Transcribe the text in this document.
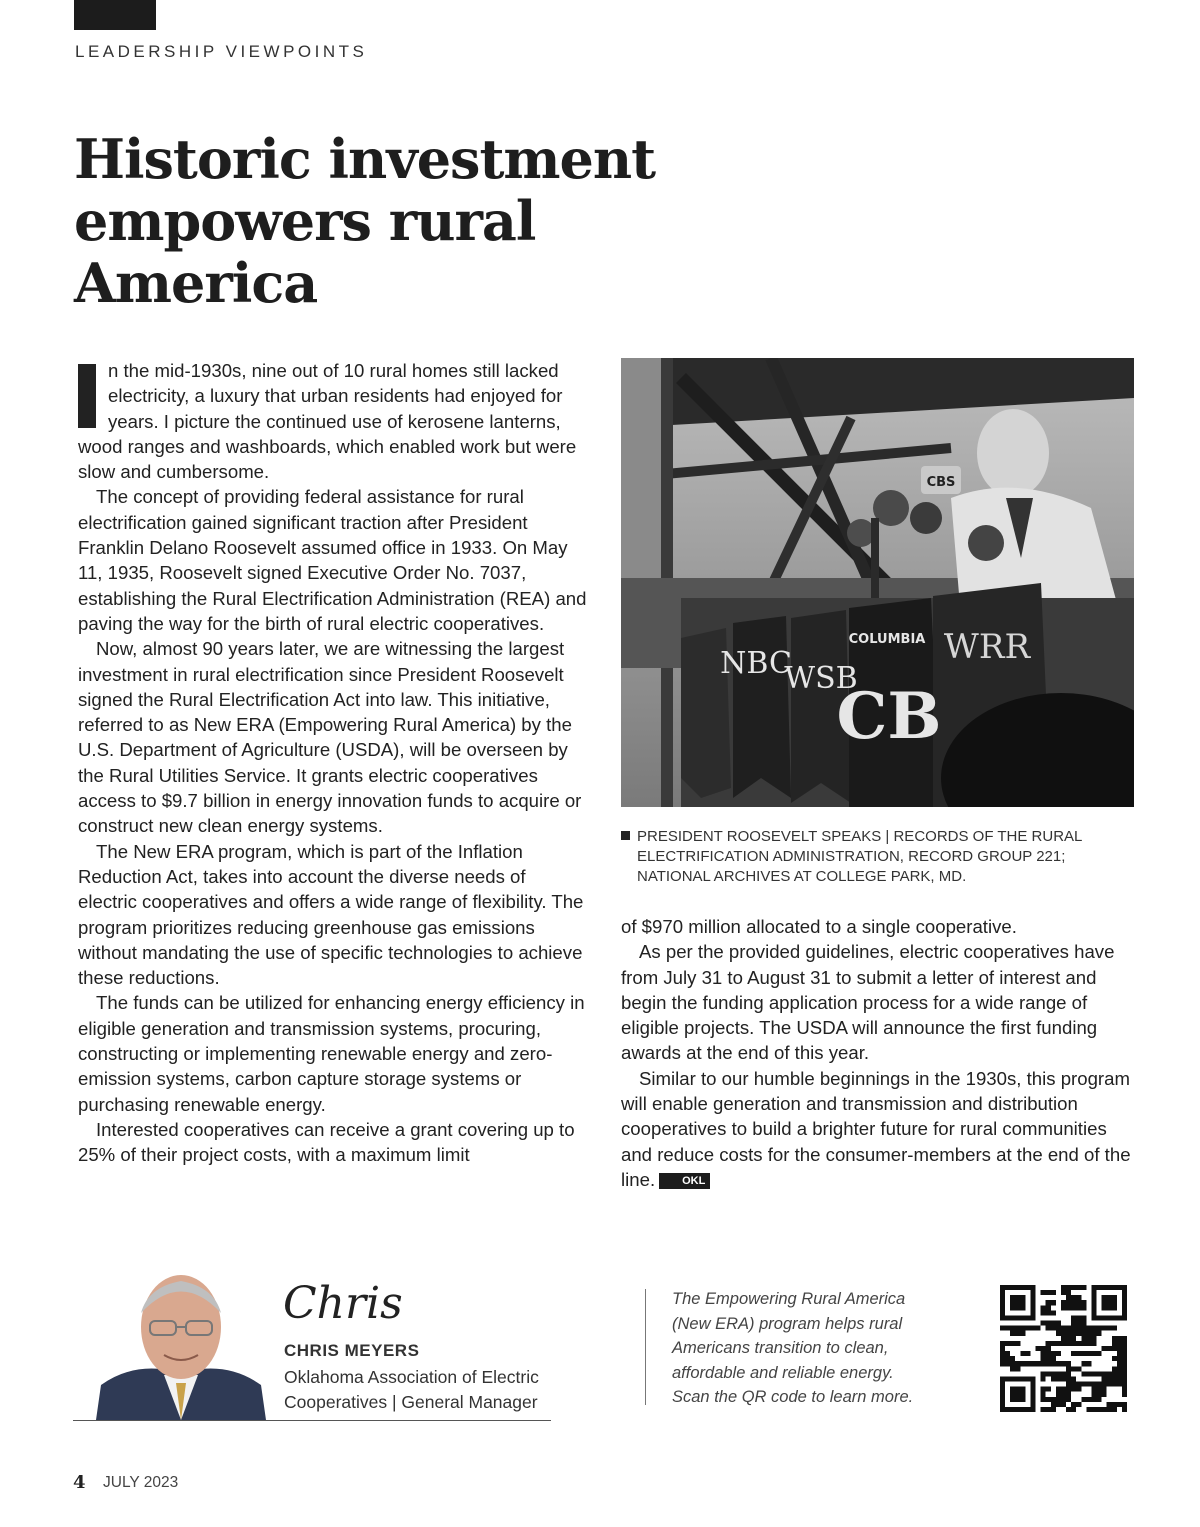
LEADERSHIP VIEWPOINTS
Historic investment
empowers rural
America

n the mid-1930s, nine out of 10 rural homes still lacked electricity, a luxury that urban residents had enjoyed for years. I picture the continued use of kerosene lanterns, wood ranges and washboards, which enabled work but were slow and cumbersome.

The concept of providing federal assistance for rural electrification gained significant traction after President Franklin Delano Roosevelt assumed office in 1933. On May 11, 1935, Roosevelt signed Executive Order No. 7037, establishing the Rural Electrification Administration (REA) and paving the way for the birth of rural electric cooperatives.

Now, almost 90 years later, we are witnessing the largest investment in rural electrification since President Roosevelt signed the Rural Electrification Act into law. This initiative, referred to as New ERA (Empowering Rural America) by the U.S. Department of Agriculture (USDA), will be overseen by the Rural Utilities Service. It grants electric cooperatives access to $9.7 billion in energy innovation funds to acquire or construct new clean energy systems.

The New ERA program, which is part of the Inflation Reduction Act, takes into account the diverse needs of electric cooperatives and offers a wide range of flexibility. The program prioritizes reducing greenhouse gas emissions without mandating the use of specific technologies to achieve these reductions.

The funds can be utilized for enhancing energy efficiency in eligible generation and transmission systems, procuring, constructing or implementing renewable energy and zero-emission systems, carbon capture storage systems or purchasing renewable energy.

Interested cooperatives can receive a grant covering up to 25% of their project costs, with a maximum limit

CBS
NBC
WSB
COLUMBIA
CB
WRR
PRESIDENT ROOSEVELT SPEAKS | RECORDS OF THE RURAL
ELECTRIFICATION ADMINISTRATION, RECORD GROUP 221;
NATIONAL ARCHIVES AT COLLEGE PARK, MD.

of $970 million allocated to a single cooperative.

As per the provided guidelines, electric cooperatives have from July 31 to August 31 to submit a letter of interest and begin the funding application process for a wide range of eligible projects. The USDA will announce the first funding awards at the end of this year.

Similar to our humble beginnings in the 1930s, this program will enable generation and transmission and distribution cooperatives to build a brighter future for rural communities and reduce costs for the consumer-members at the end of the line. OKL

Chris
CHRIS MEYERS
Oklahoma Association of Electric
Cooperatives | General Manager
The Empowering Rural America
(New ERA) program helps rural
Americans transition to clean,
affordable and reliable energy.
Scan the QR code to learn more.
4 JULY 2023
